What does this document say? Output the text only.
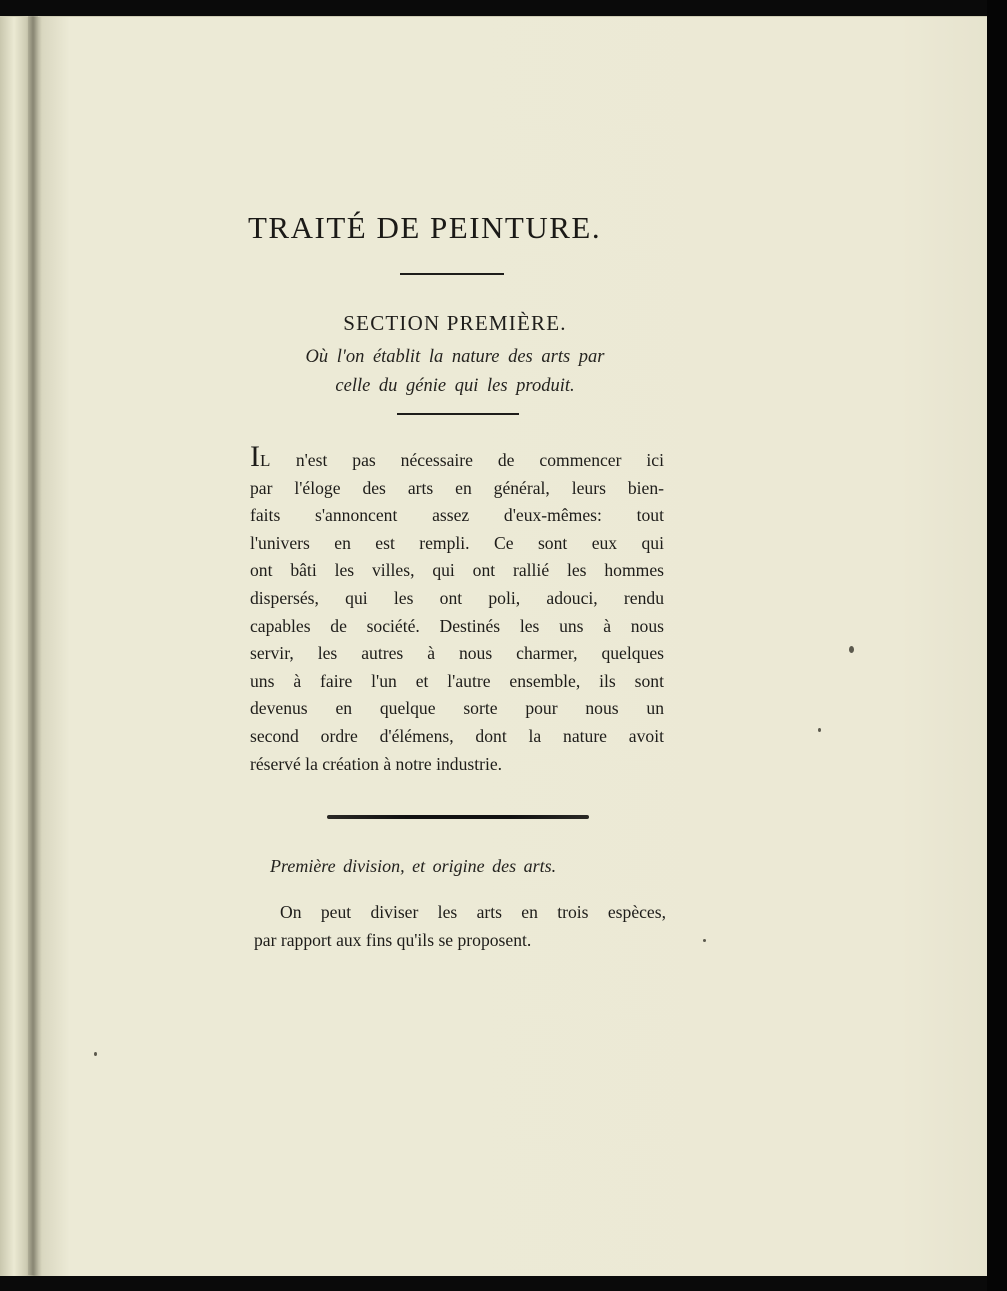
TRAITÉ DE PEINTURE.
SECTION PREMIÈRE.
Où l'on établit la nature des arts par
celle du génie qui les produit.
IL n'est pas nécessaire de commencer ici
par l'éloge des arts en général, leurs bien-
faits s'annoncent assez d'eux-mêmes: tout
l'univers en est rempli. Ce sont eux qui
ont bâti les villes, qui ont rallié les hommes
dispersés, qui les ont poli, adouci, rendu
capables de société. Destinés les uns à nous
servir, les autres à nous charmer, quelques
uns à faire l'un et l'autre ensemble, ils sont
devenus en quelque sorte pour nous un
second ordre d'élémens, dont la nature avoit
réservé la création à notre industrie.
Première division, et origine des arts.
On peut diviser les arts en trois espèces,
par rapport aux fins qu'ils se proposent.
